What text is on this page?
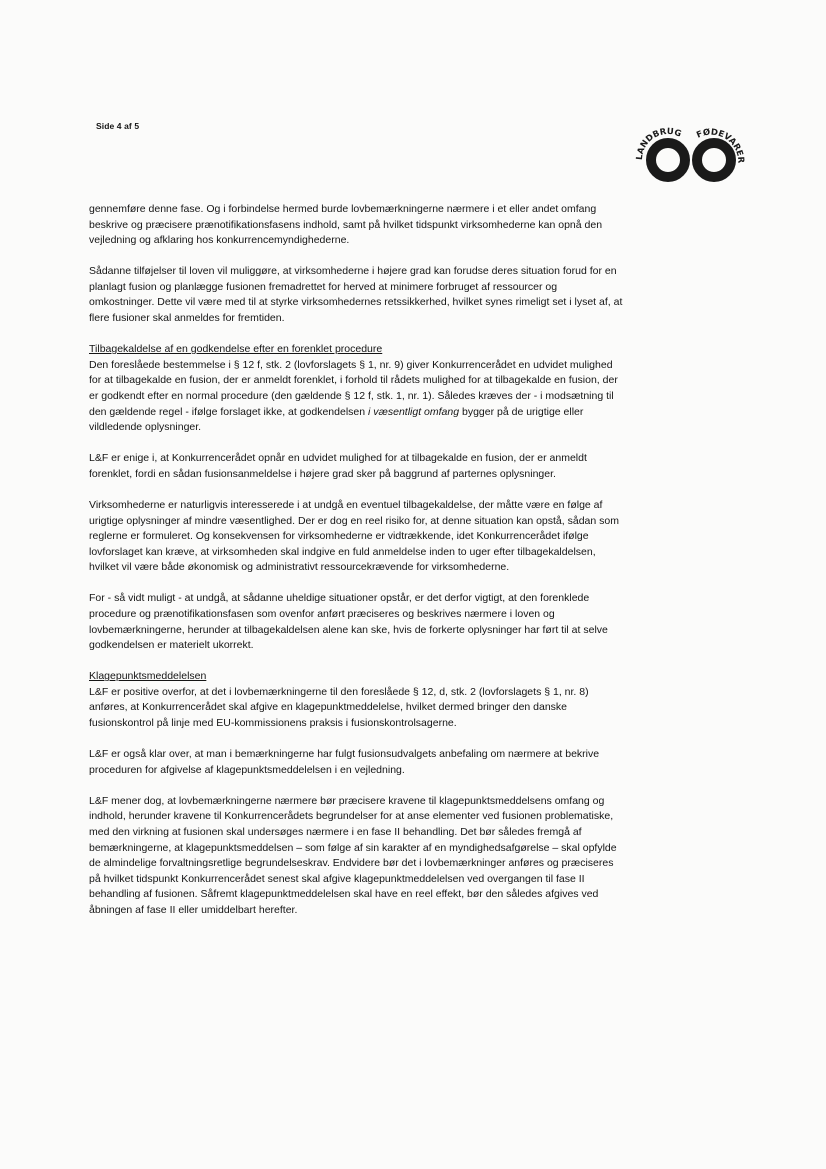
Side 4 af 5
LANDBRUG FØDEVARER

gennemføre denne fase. Og i forbindelse hermed burde lovbemærkningerne nærmere i et eller andet omfang beskrive og præcisere prænotifikationsfasens indhold, samt på hvilket tidspunkt virksomhederne kan opnå den vejledning og afklaring hos konkurrencemyndighederne.

Sådanne tilføjelser til loven vil muliggøre, at virksomhederne i højere grad kan forudse deres situation forud for en planlagt fusion og planlægge fusionen fremadrettet for herved at minimere forbruget af ressourcer og omkostninger. Dette vil være med til at styrke virksomhedernes retssikkerhed, hvilket synes rimeligt set i lyset af, at flere fusioner skal anmeldes for fremtiden.

Tilbagekaldelse af en godkendelse efter en forenklet procedure

Den foreslåede bestemmelse i § 12 f, stk. 2 (lovforslagets § 1, nr. 9) giver Konkurrencerådet en udvidet mulighed for at tilbagekalde en fusion, der er anmeldt forenklet, i forhold til rådets mulighed for at tilbagekalde en fusion, der er godkendt efter en normal procedure (den gældende § 12 f, stk. 1, nr. 1). Således kræves der - i modsætning til den gældende regel - ifølge forslaget ikke, at godkendelsen i væsentligt omfang bygger på de urigtige eller vildledende oplysninger.

L&F er enige i, at Konkurrencerådet opnår en udvidet mulighed for at tilbagekalde en fusion, der er anmeldt forenklet, fordi en sådan fusionsanmeldelse i højere grad sker på baggrund af parternes oplysninger.

Virksomhederne er naturligvis interesserede i at undgå en eventuel tilbagekaldelse, der måtte være en følge af urigtige oplysninger af mindre væsentlighed. Der er dog en reel risiko for, at denne situation kan opstå, sådan som reglerne er formuleret. Og konsekvensen for virksomhederne er vidtrækkende, idet Konkurrencerådet ifølge lovforslaget kan kræve, at virksomheden skal indgive en fuld anmeldelse inden to uger efter tilbagekaldelsen, hvilket vil være både økonomisk og administrativt ressourcekrævende for virksomhederne.

For - så vidt muligt - at undgå, at sådanne uheldige situationer opstår, er det derfor vigtigt, at den forenklede procedure og prænotifikationsfasen som ovenfor anført præciseres og beskrives nærmere i loven og lovbemærkningerne, herunder at tilbagekaldelsen alene kan ske, hvis de forkerte oplysninger har ført til at selve godkendelsen er materielt ukorrekt.

Klagepunktsmeddelelsen

L&F er positive overfor, at det i lovbemærkningerne til den foreslåede § 12, d, stk. 2 (lovforslagets § 1, nr. 8) anføres, at Konkurrencerådet skal afgive en klagepunktmeddelelse, hvilket dermed bringer den danske fusionskontrol på linje med EU-kommissionens praksis i fusionskontrolsagerne.

L&F er også klar over, at man i bemærkningerne har fulgt fusionsudvalgets anbefaling om nærmere at bekrive proceduren for afgivelse af klagepunktsmeddelelsen i en vejledning.

L&F mener dog, at lovbemærkningerne nærmere bør præcisere kravene til klagepunktsmeddelsens omfang og indhold, herunder kravene til Konkurrencerådets begrundelser for at anse elementer ved fusionen problematiske, med den virkning at fusionen skal undersøges nærmere i en fase II behandling. Det bør således fremgå af bemærkningerne, at klagepunktsmeddelsen – som følge af sin karakter af en myndighedsafgørelse – skal opfylde de almindelige forvaltningsretlige begrundelseskrav. Endvidere bør det i lovbemærkninger anføres og præciseres på hvilket tidspunkt Konkurrencerådet senest skal afgive klagepunktmeddelelsen ved overgangen til fase II behandling af fusionen. Såfremt klagepunktmeddelelsen skal have en reel effekt, bør den således afgives ved åbningen af fase II eller umiddelbart herefter.
